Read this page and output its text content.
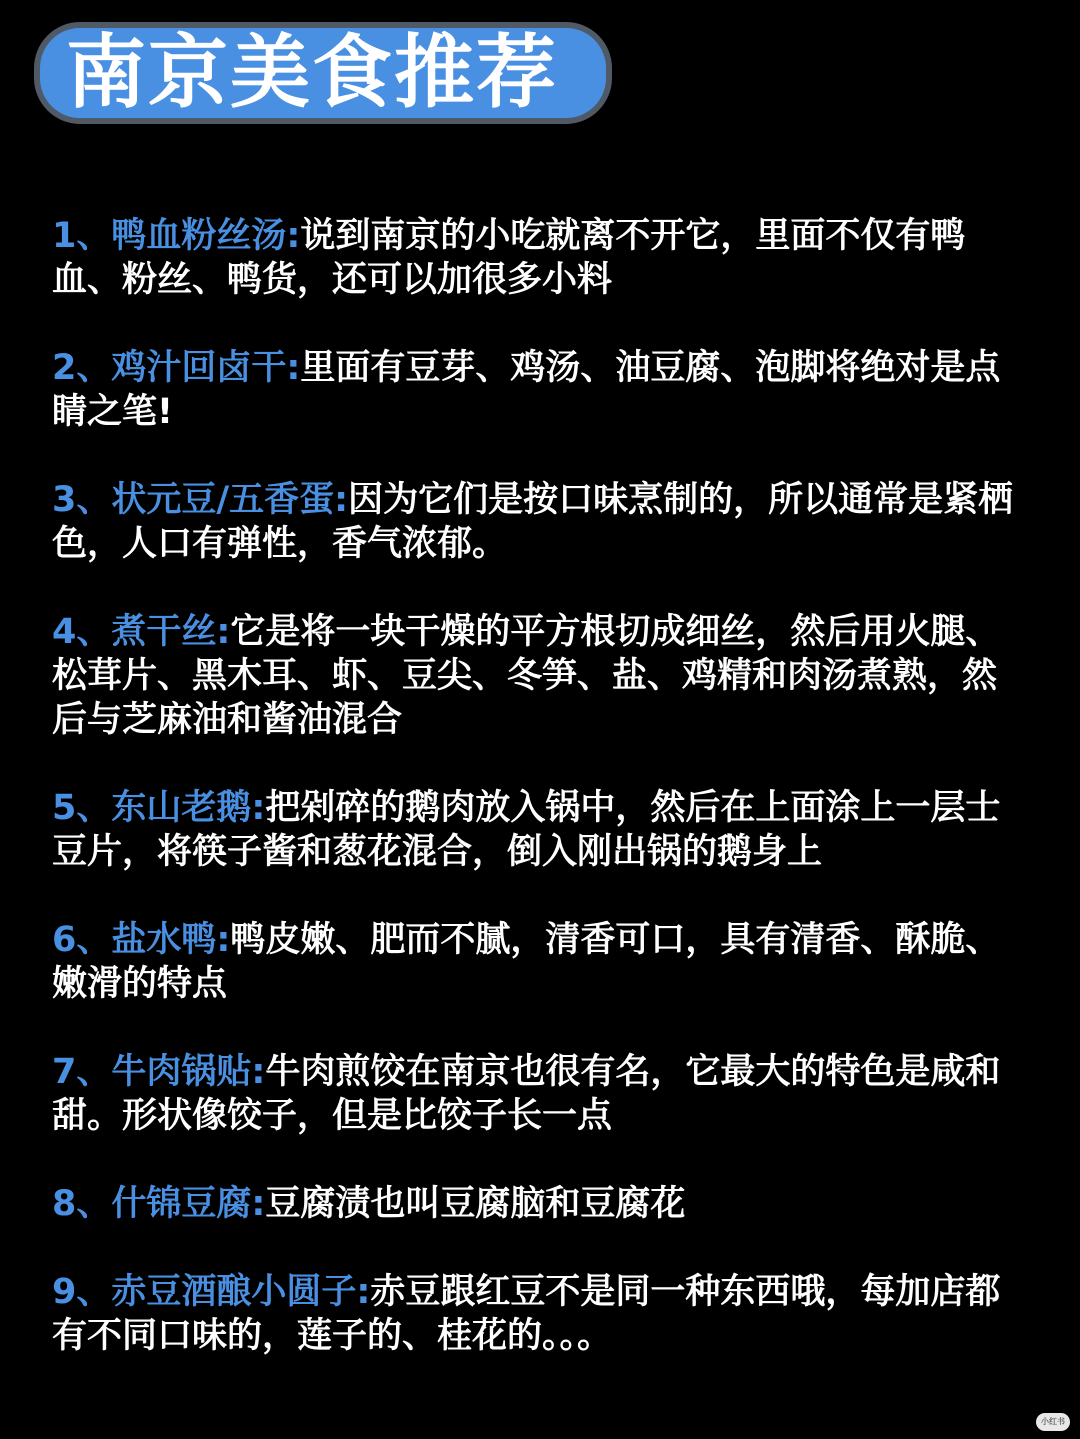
南京美食推荐

1、鸭血粉丝汤:说到南京的小吃就离不开它，里面不仅有鸭血、粉丝、鸭货，还可以加很多小料

2、鸡汁回卤干:里面有豆芽、鸡汤、油豆腐、泡脚将绝对是点睛之笔!

3、状元豆/五香蛋:因为它们是按口味烹制的，所以通常是紧栖色，人口有弹性，香气浓郁。

4、煮干丝:它是将一块干燥的平方根切成细丝，然后用火腿、松茸片、黑木耳、虾、豆尖、冬笋、盐、鸡精和肉汤煮熟，然后与芝麻油和酱油混合

5、东山老鹅:把剁碎的鹅肉放入锅中，然后在上面涂上一层士豆片，将筷子酱和葱花混合，倒入刚出锅的鹅身上

6、盐水鸭:鸭皮嫩、肥而不腻，清香可口，具有清香、酥脆、嫩滑的特点

7、牛肉锅贴:牛肉煎饺在南京也很有名，它最大的特色是咸和甜。形状像饺子，但是比饺子长一点

8、什锦豆腐:豆腐渍也叫豆腐脑和豆腐花

9、赤豆酒酿小圆子:赤豆跟红豆不是同一种东西哦，每加店都有不同口味的，莲子的、桂花的。。。

小红书
